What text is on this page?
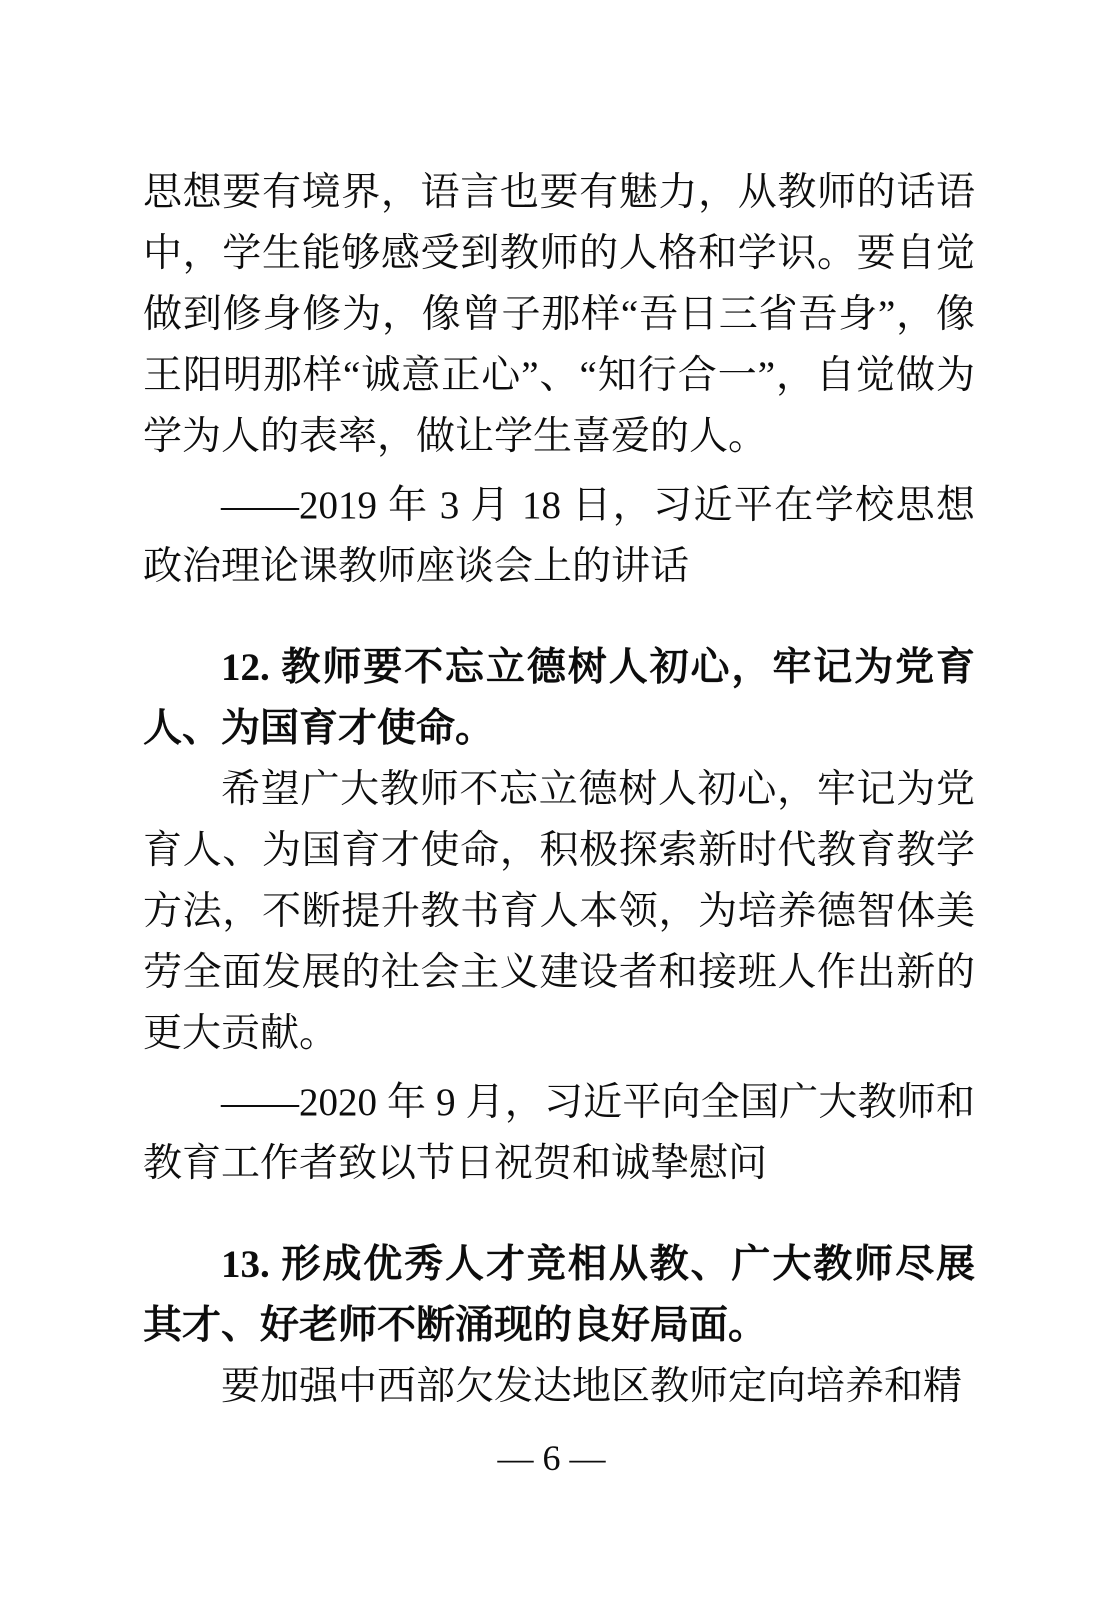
思想要有境界，语言也要有魅力，从教师的话语中，学生能够感受到教师的人格和学识。要自觉做到修身修为，像曾子那样“吾日三省吾身”，像王阳明那样“诚意正心”、“知行合一”，自觉做为学为人的表率，做让学生喜爱的人。

——2019 年 3 月 18 日，习近平在学校思想政治理论课教师座谈会上的讲话

12. 教师要不忘立德树人初心，牢记为党育人、为国育才使命。

希望广大教师不忘立德树人初心，牢记为党育人、为国育才使命，积极探索新时代教育教学方法，不断提升教书育人本领，为培养德智体美劳全面发展的社会主义建设者和接班人作出新的更大贡献。

——2020 年 9 月，习近平向全国广大教师和教育工作者致以节日祝贺和诚挚慰问

13. 形成优秀人才竞相从教、广大教师尽展其才、好老师不断涌现的良好局面。

要加强中西部欠发达地区教师定向培养和精

— 6 —
